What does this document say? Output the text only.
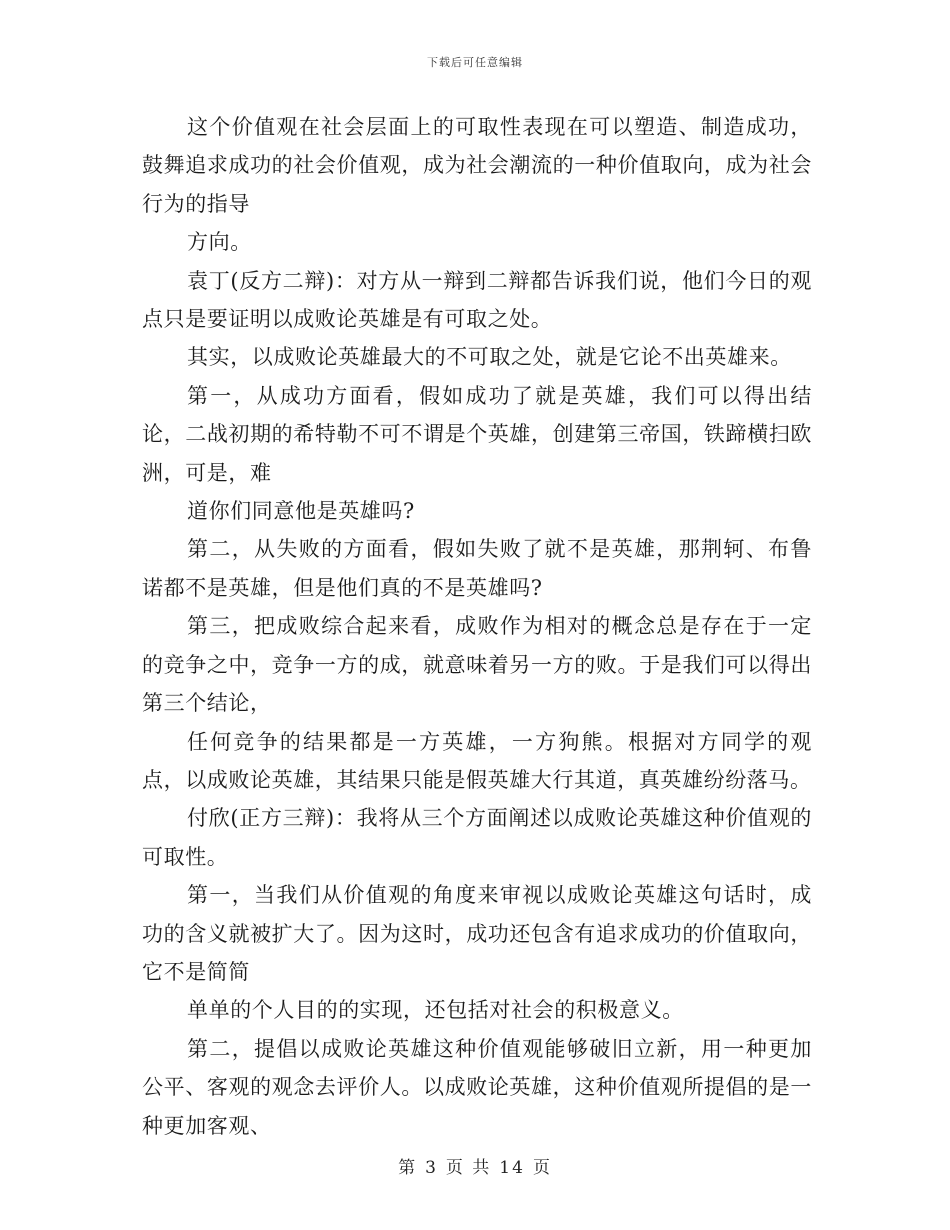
下载后可任意编辑

这个价值观在社会层面上的可取性表现在可以塑造、制造成功，鼓舞追求成功的社会价值观，成为社会潮流的一种价值取向，成为社会行为的指导

方向。

袁丁(反方二辩)：对方从一辩到二辩都告诉我们说，他们今日的观点只是要证明以成败论英雄是有可取之处。

其实，以成败论英雄最大的不可取之处，就是它论不出英雄来。

第一，从成功方面看，假如成功了就是英雄，我们可以得出结论，二战初期的希特勒不可不谓是个英雄，创建第三帝国，铁蹄横扫欧洲，可是，难

道你们同意他是英雄吗?

第二，从失败的方面看，假如失败了就不是英雄，那荆轲、布鲁诺都不是英雄，但是他们真的不是英雄吗?

第三，把成败综合起来看，成败作为相对的概念总是存在于一定的竞争之中，竞争一方的成，就意味着另一方的败。于是我们可以得出第三个结论，

任何竞争的结果都是一方英雄，一方狗熊。根据对方同学的观点，以成败论英雄，其结果只能是假英雄大行其道，真英雄纷纷落马。

付欣(正方三辩)：我将从三个方面阐述以成败论英雄这种价值观的可取性。

第一，当我们从价值观的角度来审视以成败论英雄这句话时，成功的含义就被扩大了。因为这时，成功还包含有追求成功的价值取向，它不是简简

单单的个人目的的实现，还包括对社会的积极意义。

第二，提倡以成败论英雄这种价值观能够破旧立新，用一种更加公平、客观的观念去评价人。以成败论英雄，这种价值观所提倡的是一种更加客观、

第 3 页 共 14 页
